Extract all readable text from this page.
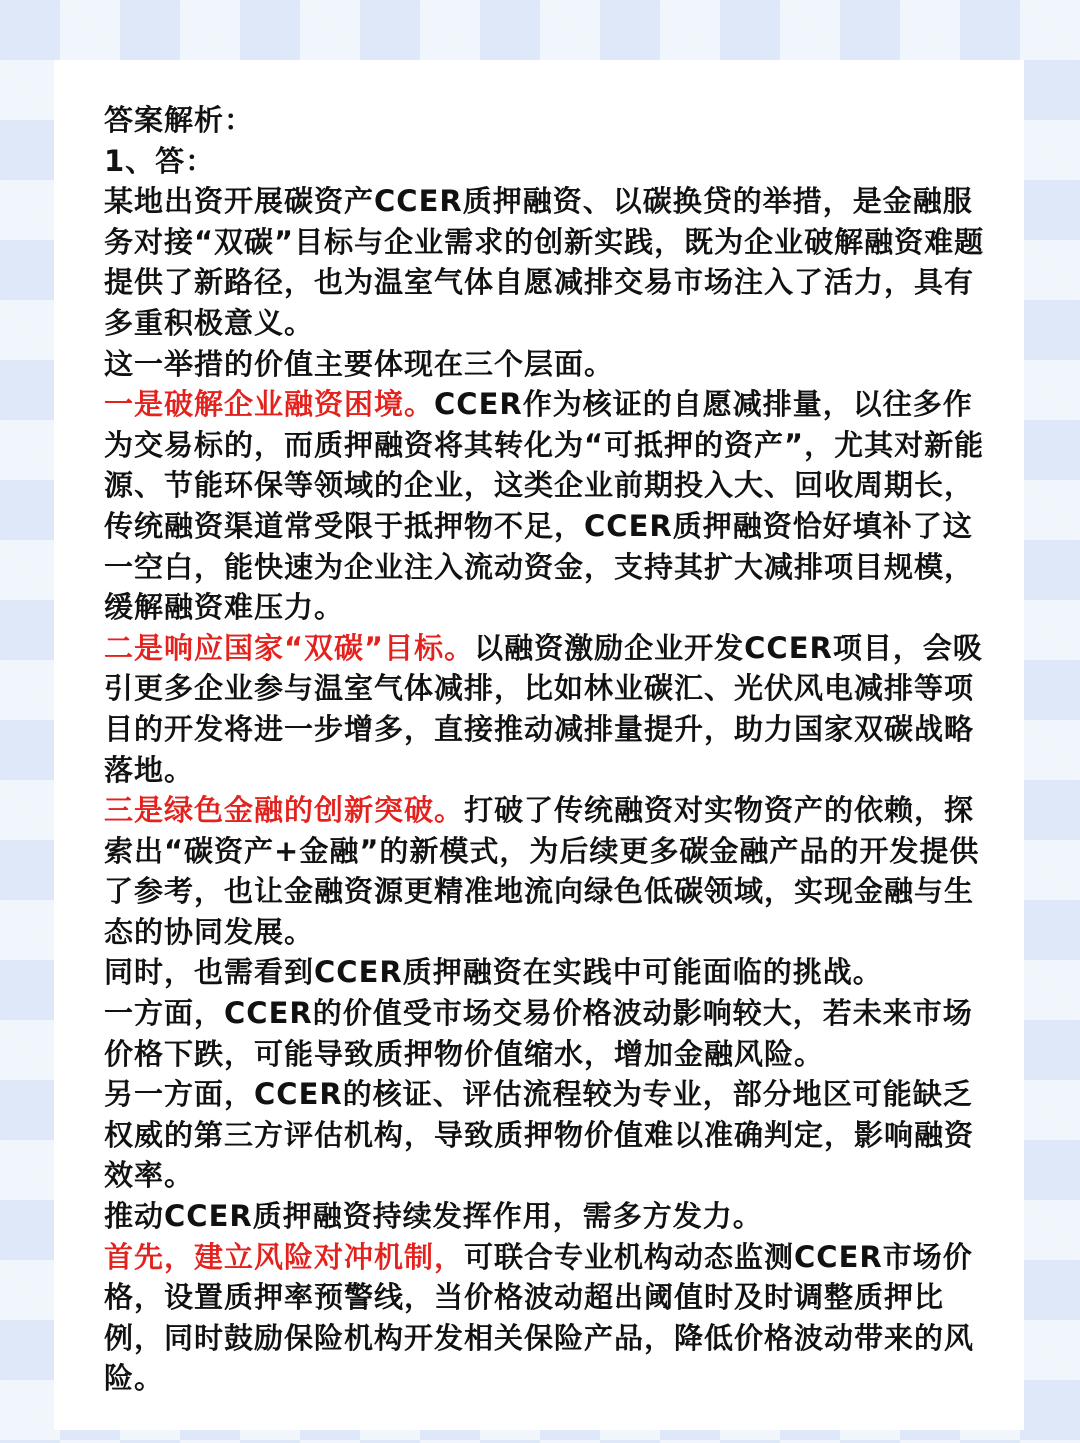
答案解析：

1、答：

某地出资开展碳资产CCER质押融资、以碳换贷的举措，是金融服务对接“双碳”目标与企业需求的创新实践，既为企业破解融资难题提供了新路径，也为温室气体自愿减排交易市场注入了活力，具有多重积极意义。

这一举措的价值主要体现在三个层面。

一是破解企业融资困境。CCER作为核证的自愿减排量，以往多作为交易标的，而质押融资将其转化为“可抵押的资产”，尤其对新能源、节能环保等领域的企业，这类企业前期投入大、回收周期长，传统融资渠道常受限于抵押物不足，CCER质押融资恰好填补了这一空白，能快速为企业注入流动资金，支持其扩大减排项目规模，缓解融资难压力。

二是响应国家“双碳”目标。以融资激励企业开发CCER项目，会吸引更多企业参与温室气体减排，比如林业碳汇、光伏风电减排等项目的开发将进一步增多，直接推动减排量提升，助力国家双碳战略落地。

三是绿色金融的创新突破。打破了传统融资对实物资产的依赖，探索出“碳资产+金融”的新模式，为后续更多碳金融产品的开发提供了参考，也让金融资源更精准地流向绿色低碳领域，实现金融与生态的协同发展。

同时，也需看到CCER质押融资在实践中可能面临的挑战。

一方面，CCER的价值受市场交易价格波动影响较大，若未来市场价格下跌，可能导致质押物价值缩水，增加金融风险。

另一方面，CCER的核证、评估流程较为专业，部分地区可能缺乏权威的第三方评估机构，导致质押物价值难以准确判定，影响融资效率。

推动CCER质押融资持续发挥作用，需多方发力。

首先，建立风险对冲机制，可联合专业机构动态监测CCER市场价格，设置质押率预警线，当价格波动超出阈值时及时调整质押比例，同时鼓励保险机构开发相关保险产品，降低价格波动带来的风险。
